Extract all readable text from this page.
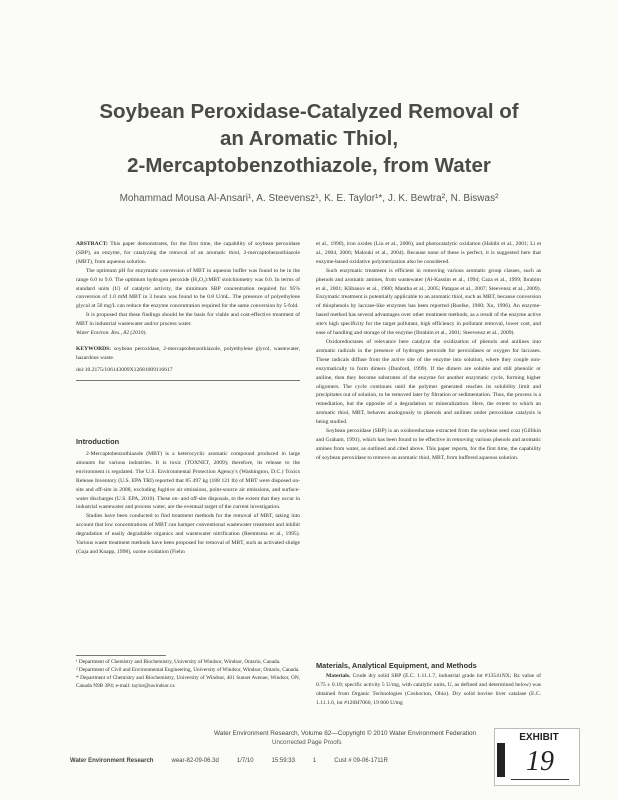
Soybean Peroxidase-Catalyzed Removal of
an Aromatic Thiol,
2-Mercaptobenzothiazole, from Water
Mohammad Mousa Al-Ansari¹, A. Steevensz¹, K. E. Taylor¹*, J. K. Bewtra², N. Biswas²

ABSTRACT: This paper demonstrates, for the first time, the capability of soybean peroxidase (SBP), an enzyme, for catalyzing the removal of an aromatic thiol, 2-mercaptobenzothiazole (MBT), from aqueous solution.

The optimum pH for enzymatic conversion of MBT in aqueous buffer was found to be in the range 6.0 to 9.0. The optimum hydrogen peroxide (H₂O₂):MBT stoichiometry was 0.6. In terms of standard units (U) of catalytic activity, the minimum SBP concentration required for 95% conversion of 1.0 mM MBT in 3 hours was found to be 0.8 U/mL. The presence of polyethylene glycol at 50 mg/L can reduce the enzyme concentration required for the same conversion by 5-fold.

It is proposed that these findings should be the basis for viable and cost-effective treatment of MBT in industrial wastewater and/or process water.

Water Environ. Res., 82 (2010).

KEYWORDS: soybean peroxidase, 2-mercaptobenzothiazole, polyethylene glycol, wastewater, hazardous waste.

doi:10.2175/106143009X12681009116617
Introduction

2-Mercaptobenzothiazole (MBT) is a heterocyclic aromatic compound produced in large amounts for various industries. It is toxic (TOXNET, 2009); therefore, its release to the environment is regulated. The U.S. Environmental Protection Agency's (Washington, D.C.) Toxics Release Inventory (U.S. EPA TRI) reported that 85 497 kg (188 121 lb) of MBT were disposed on-site and off-site in 2008, excluding fugitive air emissions, point-source air emissions, and surface-water discharges (U.S. EPA, 2010). These on- and off-site disposals, to the extent that they occur in industrial wastewater and process water, are the eventual target of the current investigation.

Studies have been conducted to find treatment methods for the removal of MBT, taking into account that low concentrations of MBT can hamper conventional wastewater treatment and inhibit degradation of easily degradable organics and wastewater nitrification (Reemtsma et al., 1995). Various waste treatment methods have been proposed for removal of MBT, such as activated sludge (Gaja and Knapp, 1998), ozone oxidation (Fiehn

¹ Department of Chemistry and Biochemistry, University of Windsor, Windsor, Ontario, Canada.

² Department of Civil and Environmental Engineering, University of Windsor, Windsor, Ontario, Canada.

* Department of Chemistry and Biochemistry, University of Windsor, 401 Sunset Avenue, Windsor, ON, Canada N9B 3P4; e-mail: taylor@uwindsor.ca

et al., 1998), iron oxides (Liu et al., 2006), and photocatalytic oxidation (Habibi et al., 2001; Li et al., 2004, 2006; Malouki et al., 2004). Because none of these is perfect, it is suggested here that enzyme-based oxidative polymerization also be considered.

Such enzymatic treatment is efficient in removing various aromatic group classes, such as phenols and aromatic amines, from wastewater (Al-Kassim et al., 1994; Caza et al., 1999; Ibrahim et al., 2001; Klibanov et al., 1980; Mantha et al., 2005; Patapas et al., 2007; Steevensz et al., 2009). Enzymatic treatment is potentially applicable to an aromatic thiol, such as MBT, because conversion of thiophenols by laccase-like enzymes has been reported (Roelke, 1960; Xu, 1996). An enzyme-based method has several advantages over other treatment methods, as a result of the enzyme active site's high specificity for the target pollutant, high efficiency in pollutant removal, lower cost, and ease of handling and storage of the enzyme (Ibrahim et al., 2001; Steevensz et al., 2009).

Oxidoreductases of relevance here catalyze the oxidization of phenols and anilines into aromatic radicals in the presence of hydrogen peroxide for peroxidases or oxygen for laccases. These radicals diffuse from the active site of the enzyme into solution, where they couple non-enzymatically to form dimers (Dunford, 1999). If the dimers are soluble and still phenolic or aniline, then they become substrates of the enzyme for another enzymatic cycle, forming higher oligomers. The cycle continues until the polymer generated reaches its solubility limit and precipitates out of solution, to be removed later by filtration or sedimentation. Thus, the process is a remediation, but the opposite of a degradation or mineralization. Here, the extent to which an aromatic thiol, MBT, behaves analogously to phenols and anilines under peroxidase catalysis is being studied.

Soybean peroxidase (SBP) is an oxidoreductase extracted from the soybean seed coat (Gillikin and Graham, 1991), which has been found to be effective in removing various phenols and aromatic amines from water, as outlined and cited above. This paper reports, for the first time, the capability of soybean peroxidase to remove an aromatic thiol, MBT, from buffered aqueous solution.

Materials, Analytical Equipment, and Methods

Materials. Crude dry solid SBP (E.C. 1.11.1.7, industrial grade lot #13541NX; Rz value of 0.75 ± 0.10; specific activity 5 U/mg, with catalytic units, U, as defined and determined below) was obtained from Organic Technologies (Coshocton, Ohio). Dry solid bovine liver catalase (E.C. 1.11.1.6, lot #120H7060, 19 800 U/mg

Water Environment Research, Volume 82—Copyright © 2010 Water Environment Federation
Uncorrected Page Proofs
Water Environment Research	wear-82-09-06.3d	1/7/10	15:59:33	1	Cust # 09-06-1711R
EXHIBIT
19
